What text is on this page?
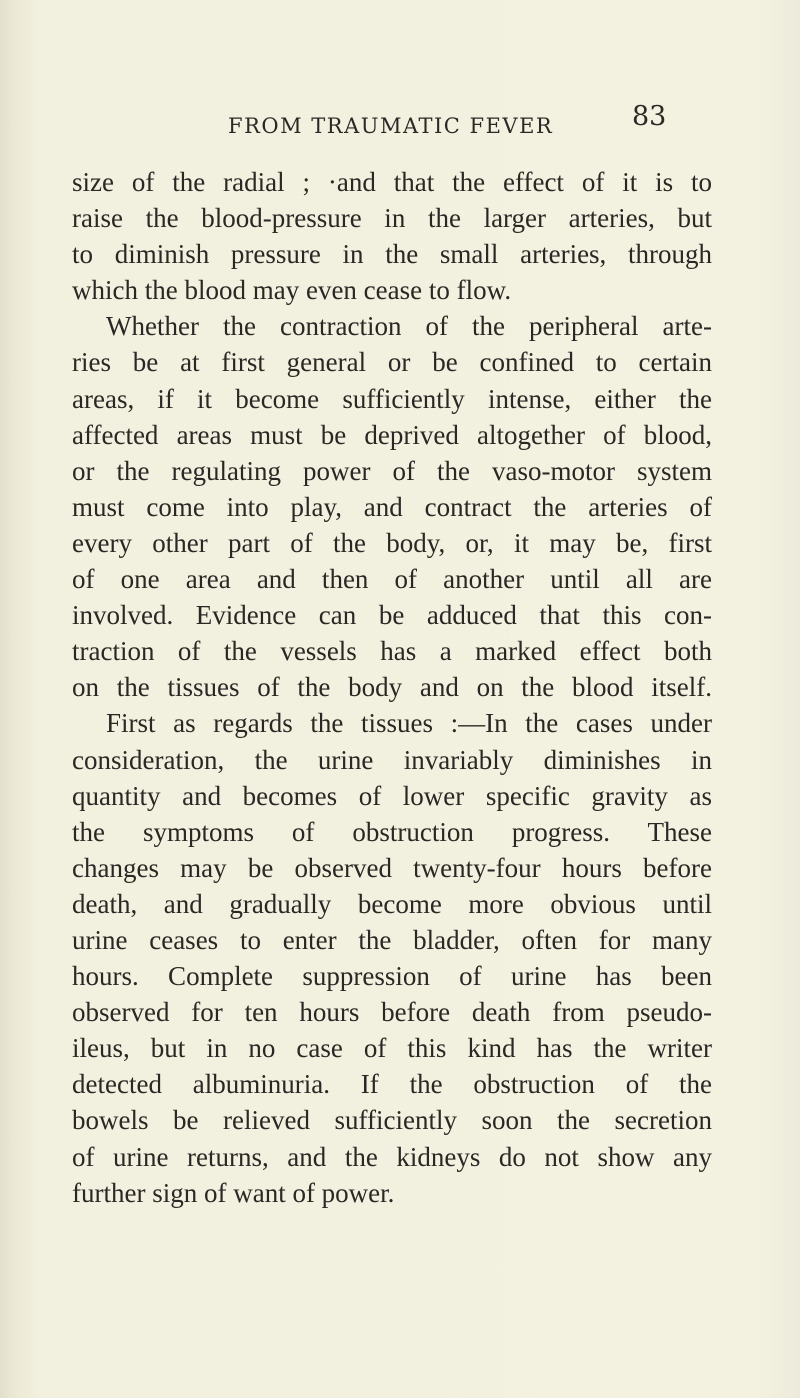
FROM TRAUMATIC FEVER	83
size of the radial ; ·and that the effect of it is to
raise the blood-pressure in the larger arteries, but
to diminish pressure in the small arteries, through
which the blood may even cease to flow.
Whether the contraction of the peripheral arte-
ries be at first general or be confined to certain
areas, if it become sufficiently intense, either the
affected areas must be deprived altogether of blood,
or the regulating power of the vaso-motor system
must come into play, and contract the arteries of
every other part of the body, or, it may be, first
of one area and then of another until all are
involved. Evidence can be adduced that this con-
traction of the vessels has a marked effect both
on the tissues of the body and on the blood itself.
First as regards the tissues :—In the cases under
consideration, the urine invariably diminishes in
quantity and becomes of lower specific gravity as
the symptoms of obstruction progress. These
changes may be observed twenty-four hours before
death, and gradually become more obvious until
urine ceases to enter the bladder, often for many
hours. Complete suppression of urine has been
observed for ten hours before death from pseudo-
ileus, but in no case of this kind has the writer
detected albuminuria. If the obstruction of the
bowels be relieved sufficiently soon the secretion
of urine returns, and the kidneys do not show any
further sign of want of power.
